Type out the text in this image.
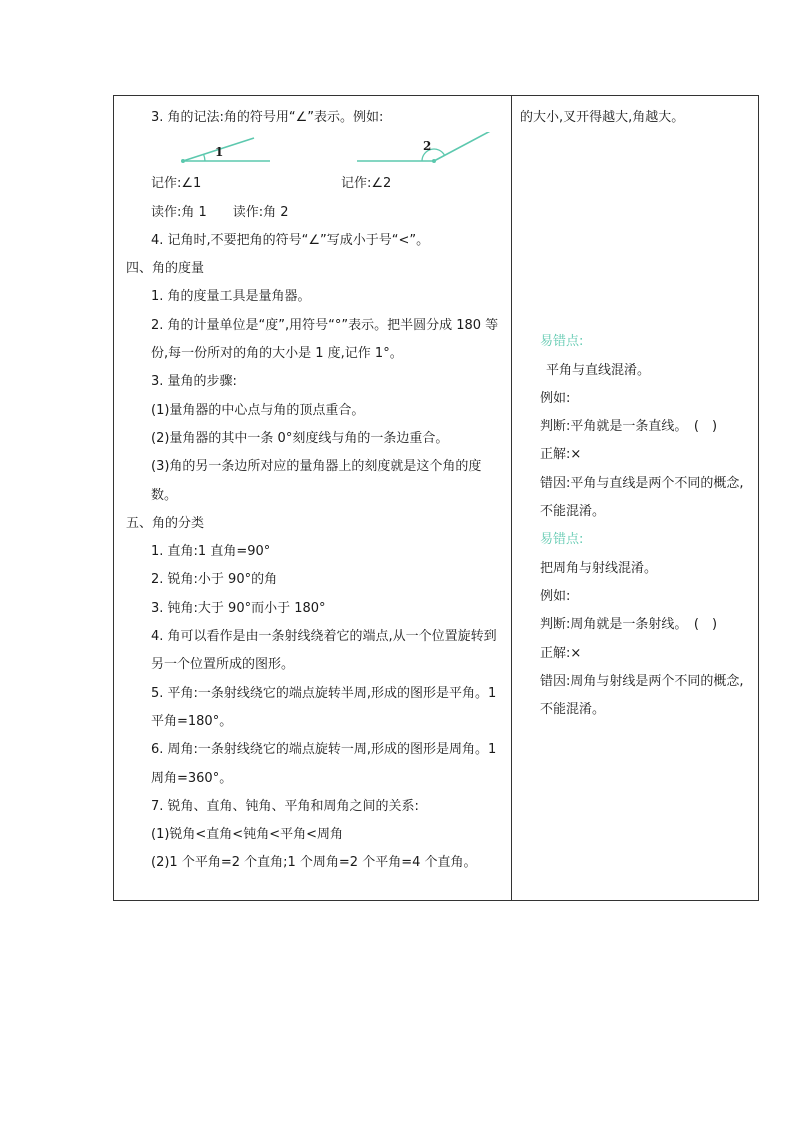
3. 角的记法:角的符号用“∠”表示。例如:

1	2

记作:∠1	记作:∠2

读作:角 1　　读作:角 2

4. 记角时,不要把角的符号“∠”写成小于号“<”。

四、角的度量

1. 角的度量工具是量角器。

2. 角的计量单位是“度”,用符号“°”表示。把半圆分成 180 等份,每一份所对的角的大小是 1 度,记作 1°。

3. 量角的步骤:

(1)量角器的中心点与角的顶点重合。

(2)量角器的其中一条 0°刻度线与角的一条边重合。

(3)角的另一条边所对应的量角器上的刻度就是这个角的度数。

五、角的分类

1. 直角:1 直角=90°

2. 锐角:小于 90°的角

3. 钝角:大于 90°而小于 180°

4. 角可以看作是由一条射线绕着它的端点,从一个位置旋转到另一个位置所成的图形。

5. 平角:一条射线绕它的端点旋转半周,形成的图形是平角。1 平角=180°。

6. 周角:一条射线绕它的端点旋转一周,形成的图形是周角。1 周角=360°。

7. 锐角、直角、钝角、平角和周角之间的关系:

(1)锐角<直角<钝角<平角<周角

(2)1 个平角=2 个直角;1 个周角=2 个平角=4 个直角。

的大小,叉开得越大,角越大。

易错点:

平角与直线混淆。

例如:

判断:平角就是一条直线。　(　)

正解:×

错因:平角与直线是两个不同的概念,不能混淆。

易错点:

把周角与射线混淆。

例如:

判断:周角就是一条射线。　(　)

正解:×

错因:周角与射线是两个不同的概念,不能混淆。
